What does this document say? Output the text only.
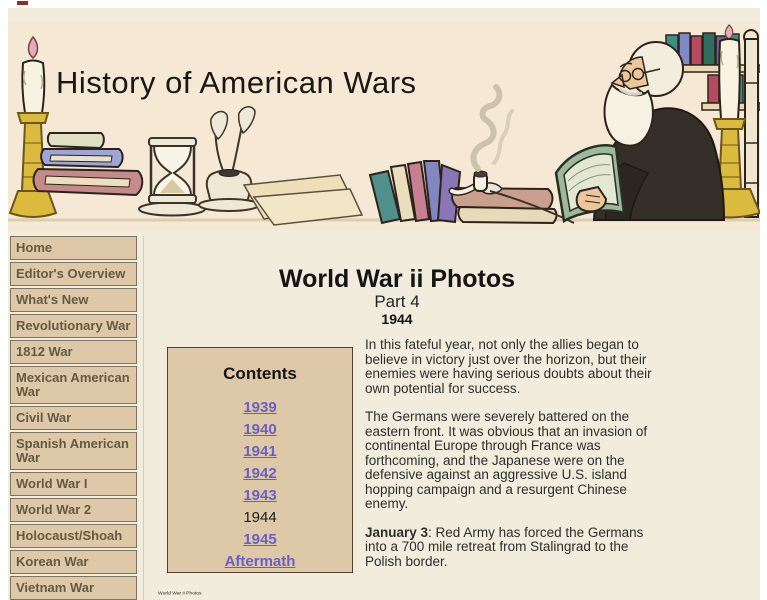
History of American Wars
Home
Editor's Overview
What's New
Revolutionary War
1812 War
Mexican American War
Civil War
Spanish American War
World War I
World War 2
Holocaust/Shoah
Korean War
Vietnam War
World War ii Photos
Part 4
1944
Contents
1939
1940
1941
1942
1943
1944
1945
Aftermath

In this fateful year, not only the allies began to believe in victory just over the horizon, but their enemies were having serious doubts about their own potential for success.

The Germans were severely battered on the eastern front. It was obvious that an invasion of continental Europe through France was forthcoming, and the Japanese were on the defensive against an aggressive U.S. island hopping campaign and a resurgent Chinese enemy.

January 3: Red Army has forced the Germans into a 700 mile retreat from Stalingrad to the Polish border.

World War ii Photos
